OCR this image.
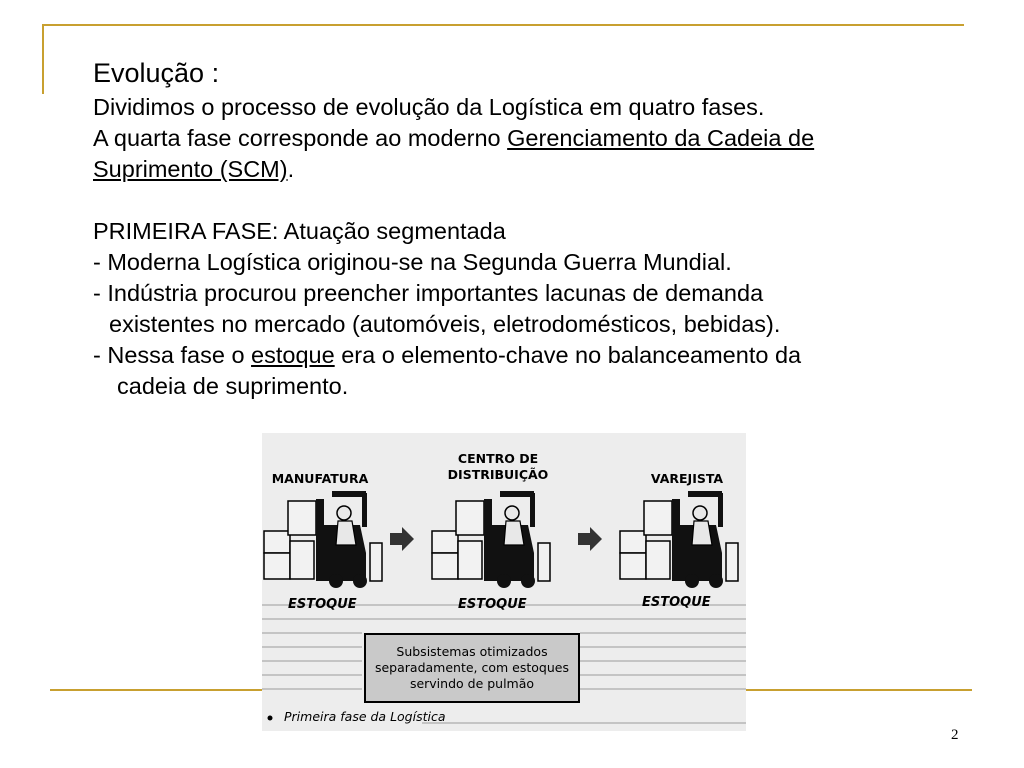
Evolução :

Dividimos o processo de evolução da Logística em quatro fases.

A quarta fase corresponde ao moderno Gerenciamento da Cadeia de

Suprimento (SCM).

PRIMEIRA FASE: Atuação segmentada

- Moderna Logística originou-se na Segunda Guerra Mundial.

- Indústria procurou preencher importantes lacunas de demanda

existentes no mercado (automóveis, eletrodomésticos, bebidas).

- Nessa fase o estoque era o elemento-chave no balanceamento da

cadeia de suprimento.

MANUFATURA
CENTRO DE
DISTRIBUIÇÃO	VAREJISTA
ESTOQUE	ESTOQUE	ESTOQUE
Subsistemas otimizados
separadamente, com estoques
servindo de pulmão
Primeira fase da Logística
2
